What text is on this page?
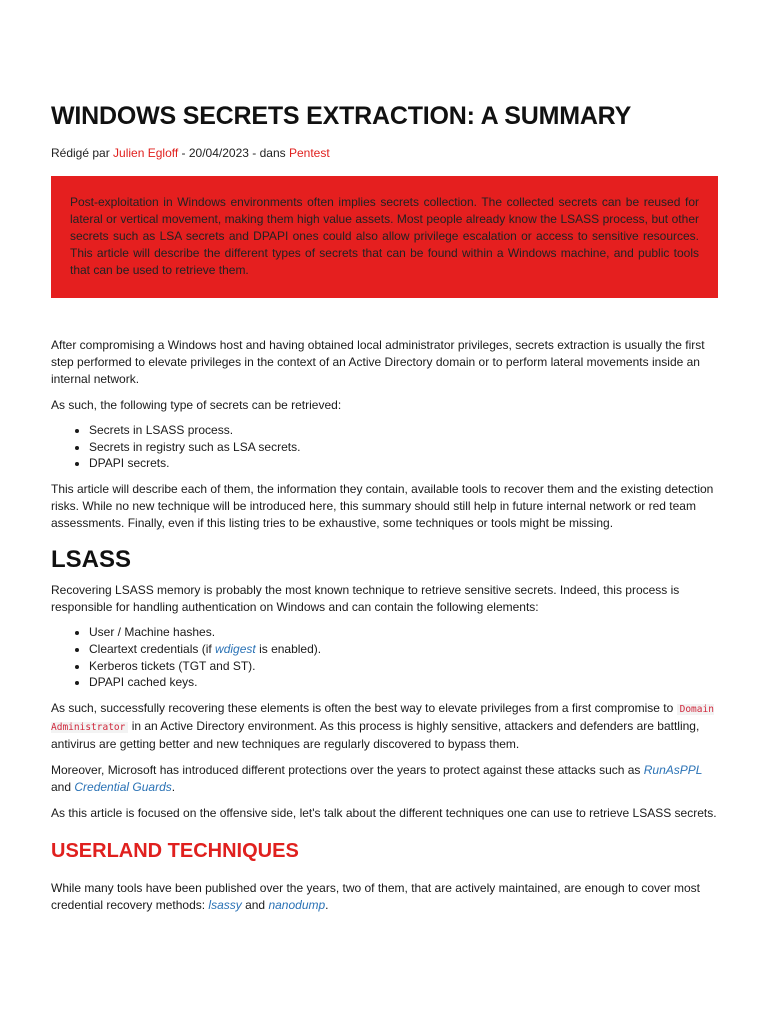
WINDOWS SECRETS EXTRACTION: A SUMMARY
Rédigé par Julien Egloff - 20/04/2023 - dans Pentest
Post-exploitation in Windows environments often implies secrets collection. The collected secrets can be reused for lateral or vertical movement, making them high value assets. Most people already know the LSASS process, but other secrets such as LSA secrets and DPAPI ones could also allow privilege escalation or access to sensitive resources. This article will describe the different types of secrets that can be found within a Windows machine, and public tools that can be used to retrieve them.

After compromising a Windows host and having obtained local administrator privileges, secrets extraction is usually the first step performed to elevate privileges in the context of an Active Directory domain or to perform lateral movements inside an internal network.

As such, the following type of secrets can be retrieved:

• Secrets in LSASS process.
• Secrets in registry such as LSA secrets.
• DPAPI secrets.

This article will describe each of them, the information they contain, available tools to recover them and the existing detection risks. While no new technique will be introduced here, this summary should still help in future internal network or red team assessments. Finally, even if this listing tries to be exhaustive, some techniques or tools might be missing.

LSASS

Recovering LSASS memory is probably the most known technique to retrieve sensitive secrets. Indeed, this process is responsible for handling authentication on Windows and can contain the following elements:

• User / Machine hashes.
• Cleartext credentials (if wdigest is enabled).
• Kerberos tickets (TGT and ST).
• DPAPI cached keys.

As such, successfully recovering these elements is often the best way to elevate privileges from a first compromise to Domain Administrator in an Active Directory environment. As this process is highly sensitive, attackers and defenders are battling, antivirus are getting better and new techniques are regularly discovered to bypass them.

Moreover, Microsoft has introduced different protections over the years to protect against these attacks such as RunAsPPL and Credential Guards.

As this article is focused on the offensive side, let's talk about the different techniques one can use to retrieve LSASS secrets.

USERLAND TECHNIQUES

While many tools have been published over the years, two of them, that are actively maintained, are enough to cover most credential recovery methods: lsassy and nanodump.
